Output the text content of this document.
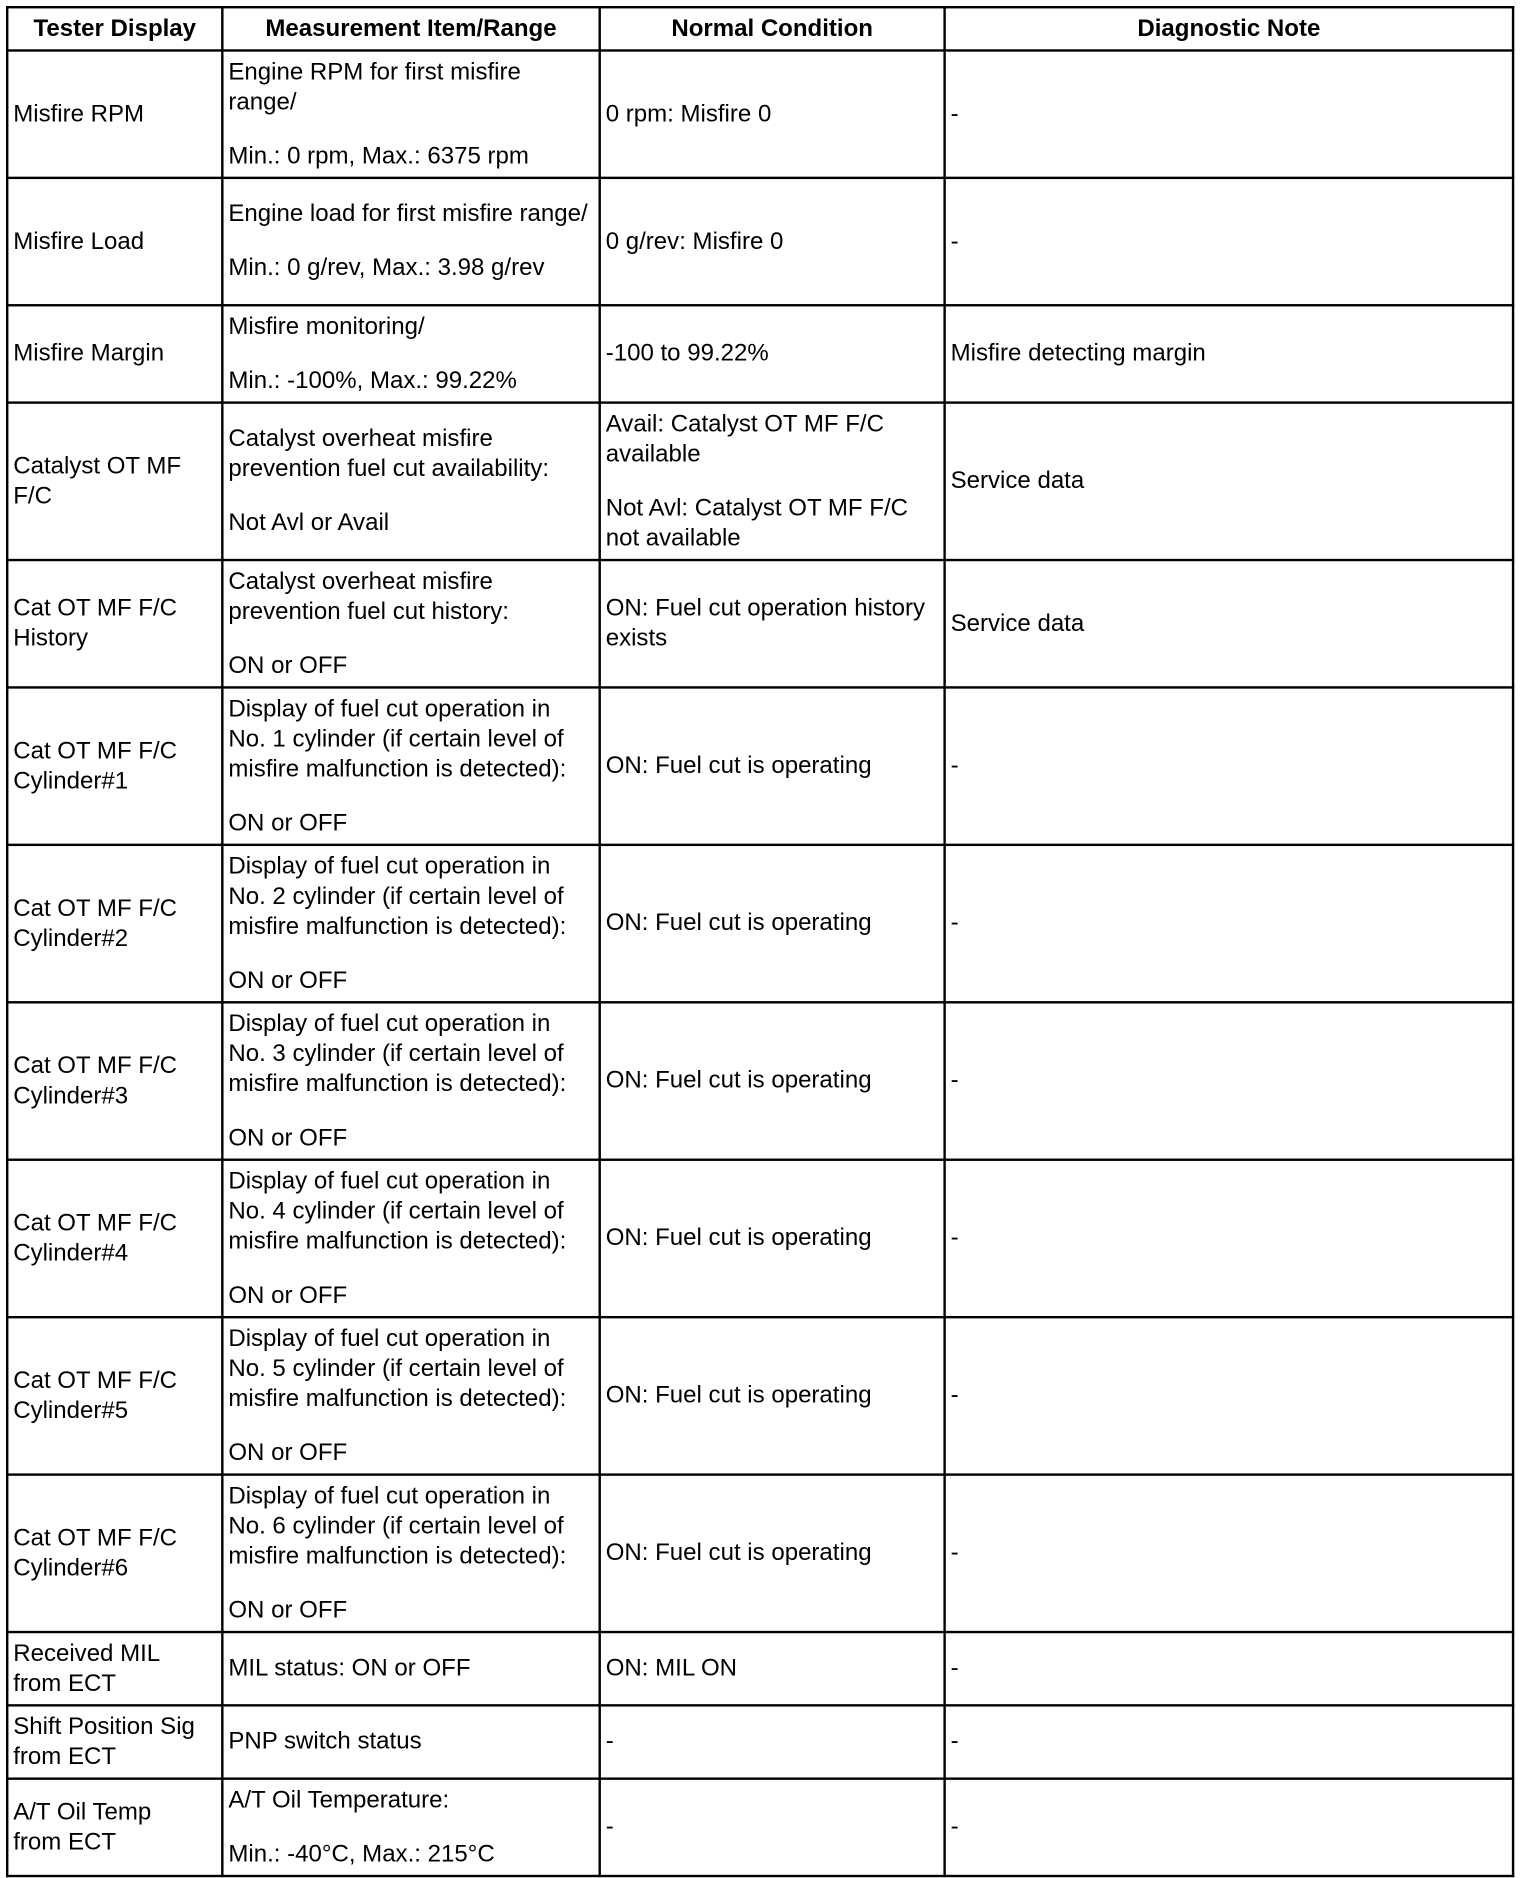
Tester Display	Measurement Item/Range	Normal Condition	Diagnostic Note

Misfire RPM	Engine RPM for first misfire range/
Min.: 0 rpm, Max.: 6375 rpm	0 rpm: Misfire 0	-

Misfire Load	Engine load for first misfire range/
Min.: 0 g/rev, Max.: 3.98 g/rev	0 g/rev: Misfire 0	-

Misfire Margin	Misfire monitoring/
Min.: -100%, Max.: 99.22%	-100 to 99.22%	Misfire detecting margin

Catalyst OT MF
F/C	Catalyst overheat misfire
prevention fuel cut availability:
Not Avl or Avail	Avail: Catalyst OT MF F/C
available
Not Avl: Catalyst OT MF F/C
not available	Service data

Cat OT MF F/C
History	Catalyst overheat misfire
prevention fuel cut history:
ON or OFF	ON: Fuel cut operation history
exists	Service data

Cat OT MF F/C
Cylinder#1	Display of fuel cut operation in
No. 1 cylinder (if certain level of
misfire malfunction is detected):
ON or OFF	ON: Fuel cut is operating	-

Cat OT MF F/C
Cylinder#2	Display of fuel cut operation in
No. 2 cylinder (if certain level of
misfire malfunction is detected):
ON or OFF	ON: Fuel cut is operating	-

Cat OT MF F/C
Cylinder#3	Display of fuel cut operation in
No. 3 cylinder (if certain level of
misfire malfunction is detected):
ON or OFF	ON: Fuel cut is operating	-

Cat OT MF F/C
Cylinder#4	Display of fuel cut operation in
No. 4 cylinder (if certain level of
misfire malfunction is detected):
ON or OFF	ON: Fuel cut is operating	-

Cat OT MF F/C
Cylinder#5	Display of fuel cut operation in
No. 5 cylinder (if certain level of
misfire malfunction is detected):
ON or OFF	ON: Fuel cut is operating	-

Cat OT MF F/C
Cylinder#6	Display of fuel cut operation in
No. 6 cylinder (if certain level of
misfire malfunction is detected):
ON or OFF	ON: Fuel cut is operating	-

Received MIL
from ECT	MIL status: ON or OFF	ON: MIL ON	-

Shift Position Sig
from ECT	PNP switch status	-	-

A/T Oil Temp
from ECT	A/T Oil Temperature:
Min.: -40°C, Max.: 215°C	-	-
